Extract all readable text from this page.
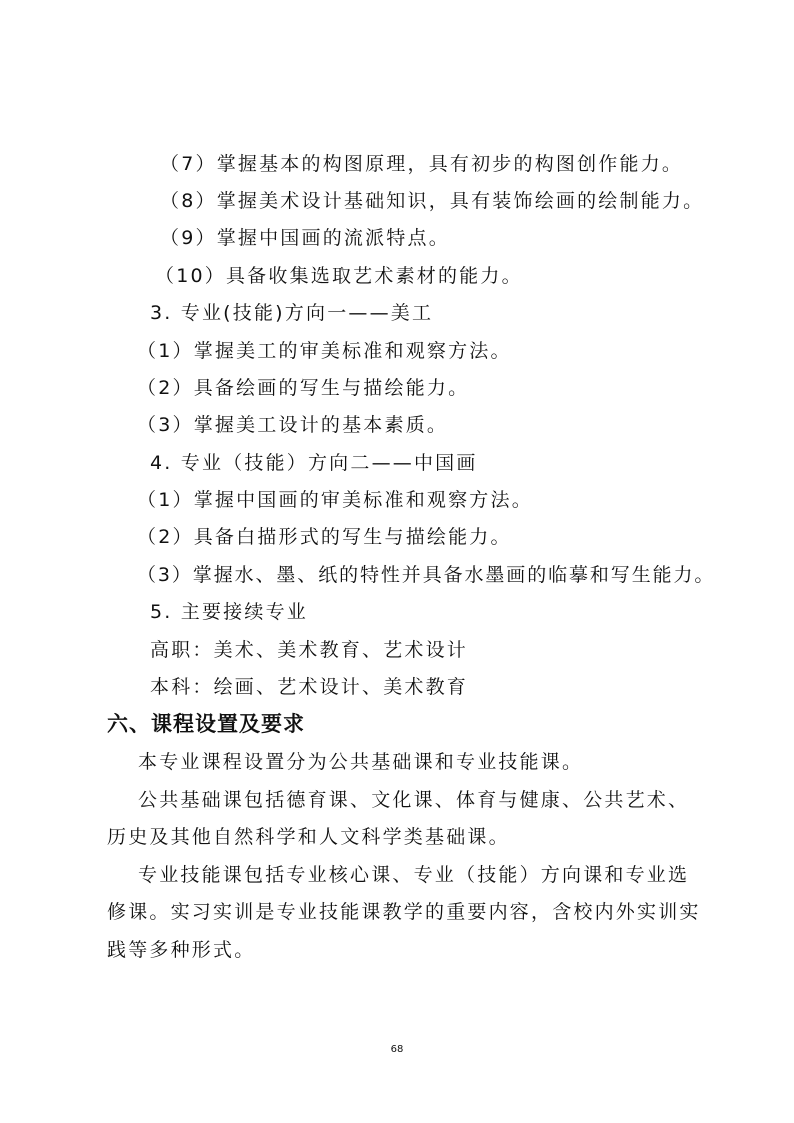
（7）掌握基本的构图原理，具有初步的构图创作能力。
（8）掌握美术设计基础知识，具有装饰绘画的绘制能力。
（9）掌握中国画的流派特点。
（10）具备收集选取艺术素材的能力。
3. 专业(技能)方向一——美工
（1）掌握美工的审美标准和观察方法。
（2）具备绘画的写生与描绘能力。
（3）掌握美工设计的基本素质。
4. 专业（技能）方向二——中国画
（1）掌握中国画的审美标准和观察方法。
（2）具备白描形式的写生与描绘能力。
（3）掌握水、墨、纸的特性并具备水墨画的临摹和写生能力。
5. 主要接续专业
高职：美术、美术教育、艺术设计
本科：绘画、艺术设计、美术教育
六、课程设置及要求
本专业课程设置分为公共基础课和专业技能课。
公共基础课包括德育课、文化课、体育与健康、公共艺术、
历史及其他自然科学和人文科学类基础课。
专业技能课包括专业核心课、专业（技能）方向课和专业选
修课。实习实训是专业技能课教学的重要内容，含校内外实训实
践等多种形式。
68
